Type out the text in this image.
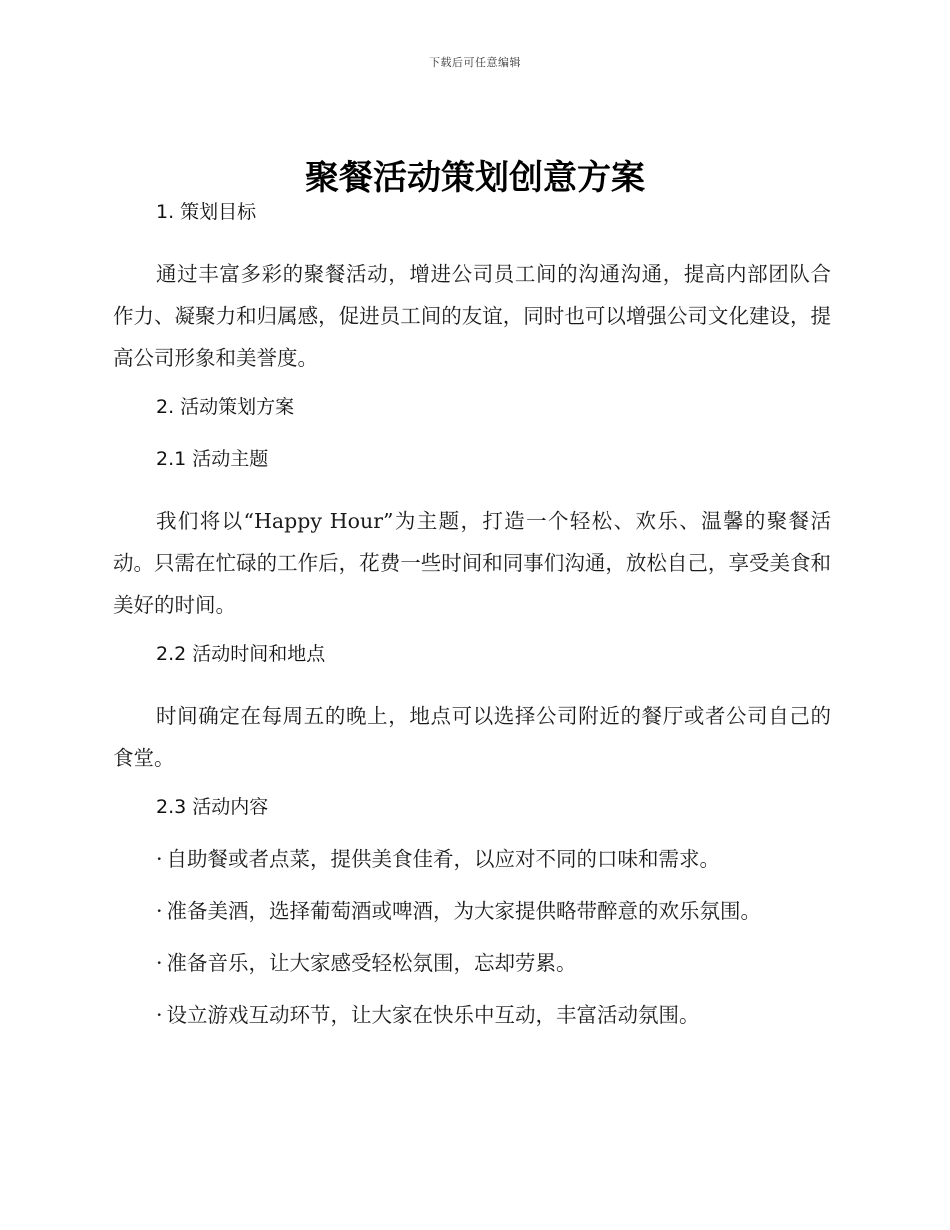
下载后可任意编辑
聚餐活动策划创意方案
1. 策划目标

通过丰富多彩的聚餐活动，增进公司员工间的沟通沟通，提高内部团队合作力、凝聚力和归属感，促进员工间的友谊，同时也可以增强公司文化建设，提高公司形象和美誉度。

2. 活动策划方案
2.1 活动主题

我们将以“Happy Hour”为主题，打造一个轻松、欢乐、温馨的聚餐活动。只需在忙碌的工作后，花费一些时间和同事们沟通，放松自己，享受美食和美好的时间。

2.2 活动时间和地点

时间确定在每周五的晚上，地点可以选择公司附近的餐厅或者公司自己的食堂。

2.3 活动内容

· 自助餐或者点菜，提供美食佳肴，以应对不同的口味和需求。

· 准备美酒，选择葡萄酒或啤酒，为大家提供略带醉意的欢乐氛围。

· 准备音乐，让大家感受轻松氛围，忘却劳累。

· 设立游戏互动环节，让大家在快乐中互动，丰富活动氛围。
